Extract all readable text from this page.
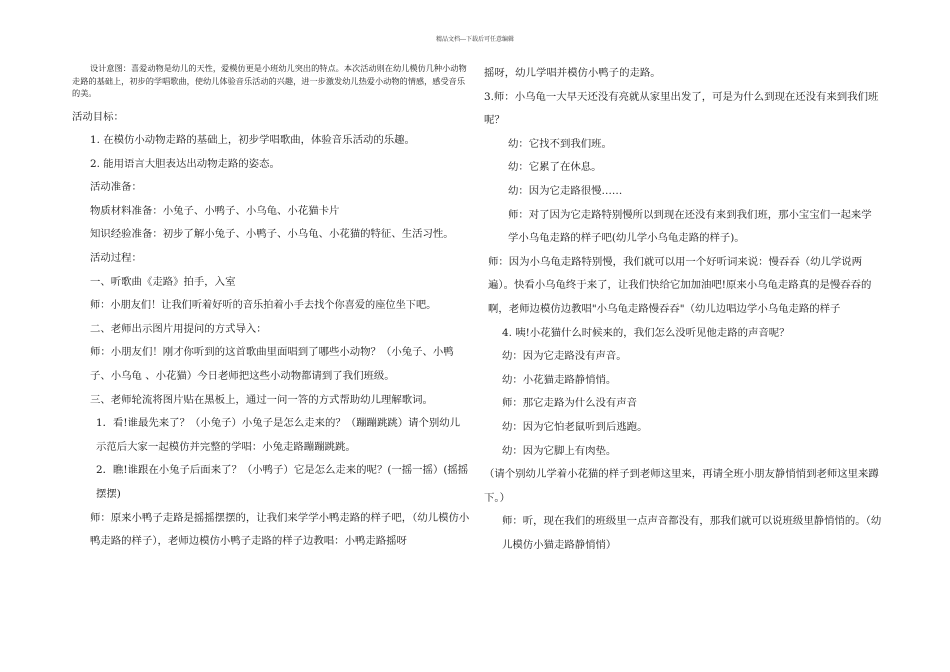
精品文档---下载后可任意编辑

设计意图：喜爱动物是幼儿的天性，爱模仿更是小班幼儿突出的特点。本次活动则在幼儿模仿几种小动物走路的基础上，初步的学唱歌曲，使幼儿体验音乐活动的兴趣，进一步激发幼儿热爱小动物的情感，感受音乐的美。

活动目标：
1. 在模仿小动物走路的基础上，初步学唱歌曲，体验音乐活动的乐趣。
2. 能用语言大胆表达出动物走路的姿态。
活动准备：
物质材料准备：小兔子、小鸭子、小乌龟、小花猫卡片
知识经验准备：初步了解小兔子、小鸭子、小乌龟、小花猫的特征、生活习性。
活动过程：
一、听歌曲《走路》拍手，入室
师：小朋友们！让我们听着好听的音乐拍着小手去找个你喜爱的座位坐下吧。
二、老师出示图片用提问的方式导入：
师：小朋友们！刚才你听到的这首歌曲里面唱到了哪些小动物？（小兔子、小鸭子、小乌龟 、小花猫）今日老师把这些小动物都请到了我们班级。
三、老师轮流将图片贴在黑板上，通过一问一答的方式帮助幼儿理解歌词。
1．看!谁最先来了？（小兔子）小兔子是怎么走来的？（蹦蹦跳跳）请个别幼儿示范后大家一起模仿并完整的学唱：小兔走路蹦蹦跳跳。
2．瞧!谁跟在小兔子后面来了？（小鸭子）它是怎么走来的呢？(一摇一摇）(摇摇摆摆)
师：原来小鸭子走路是摇摇摆摆的，让我们来学学小鸭走路的样子吧，（幼儿模仿小鸭走路的样子），老师边模仿小鸭子走路的样子边教唱：小鸭走路摇呀
摇呀，幼儿学唱并模仿小鸭子的走路。
3.师：小乌龟一大早天还没有亮就从家里出发了，可是为什么到现在还没有来到我们班呢？
幼：它找不到我们班。
幼：它累了在休息。
幼：因为它走路很慢……
师：对了因为它走路特别慢所以到现在还没有来到我们班，那小宝宝们一起来学学小乌龟走路的样子吧(幼儿学小乌龟走路的样子)。
师：因为小乌龟走路特别慢，我们就可以用一个好听词来说：慢吞吞（幼儿学说两遍）。快看小乌龟终于来了，让我们快给它加加油吧!原来小乌龟走路真的是慢吞吞的啊，老师边模仿边教唱"小乌龟走路慢吞吞"（幼儿边唱边学小乌龟走路的样子
4. 咦!小花猫什么时候来的，我们怎么没听见他走路的声音呢？
幼：因为它走路没有声音。
幼：小花猫走路静悄悄。
师：那它走路为什么没有声音
幼：因为它怕老鼠听到后逃跑。
幼：因为它脚上有肉垫。
（请个别幼儿学着小花猫的样子到老师这里来，再请全班小朋友静悄悄到老师这里来蹲下。）
师：听，现在我们的班级里一点声音都没有，那我们就可以说班级里静悄悄的。（幼儿模仿小猫走路静悄悄）
